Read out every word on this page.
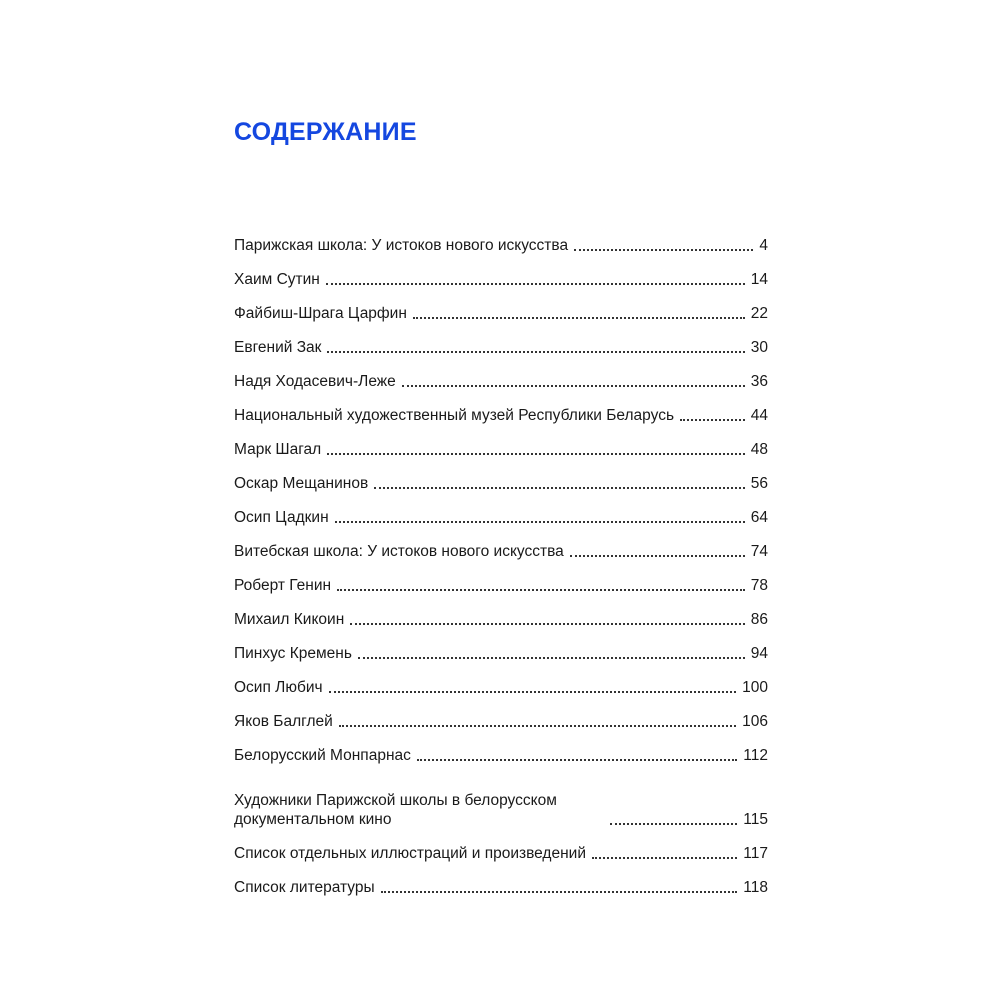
СОДЕРЖАНИЕ
Парижская школа: У истоков нового искусства	4
Хаим Сутин	14
Файбиш-Шрага Царфин	22
Евгений Зак	30
Надя Ходасевич-Леже	36
Национальный художественный музей Республики Беларусь	44
Марк Шагал	48
Оскар Мещанинов	56
Осип Цадкин	64
Витебская школа: У истоков нового искусства	74
Роберт Генин	78
Михаил Кикоин	86
Пинхус Кремень	94
Осип Любич	100
Яков Балглей	106
Белорусский Монпарнас	112
Художники Парижской школы в белорусском документальном кино	115
Список отдельных иллюстраций и произведений	117
Список литературы	118
